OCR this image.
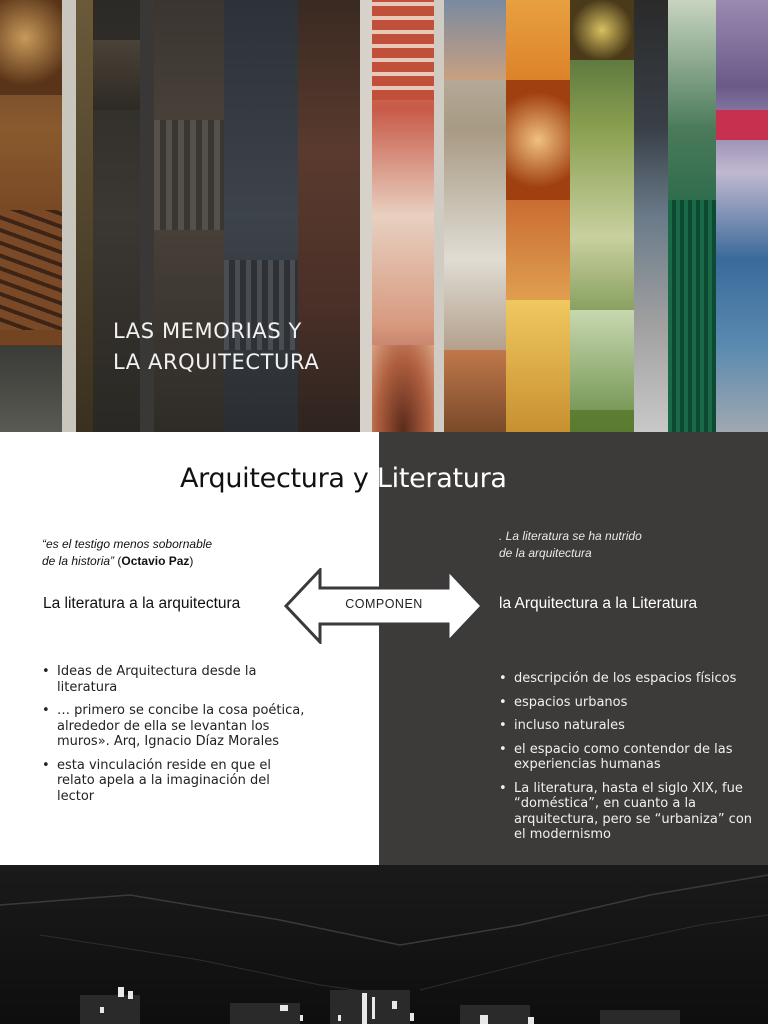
LAS MEMORIAS Y
LA ARQUITECTURA
Arquitectura y Literatura
“es el testigo menos sobornable de la historia” (Octavio Paz)
. La literatura se ha nutrido de la arquitectura
La literatura a la arquitectura	la Arquitectura a la Literatura
COMPONEN
• Ideas de Arquitectura desde la literatura
• … primero se concibe la cosa poética, alrededor de ella se levantan los muros». Arq, Ignacio Díaz Morales
• esta vinculación reside en que el relato apela a la imaginación del lector
• descripción de los espacios físicos
• espacios urbanos
• incluso naturales
• el espacio como contendor de las experiencias humanas
• La literatura, hasta el siglo XIX, fue “doméstica”, en cuanto a la arquitectura, pero se “urbaniza” con el modernismo
